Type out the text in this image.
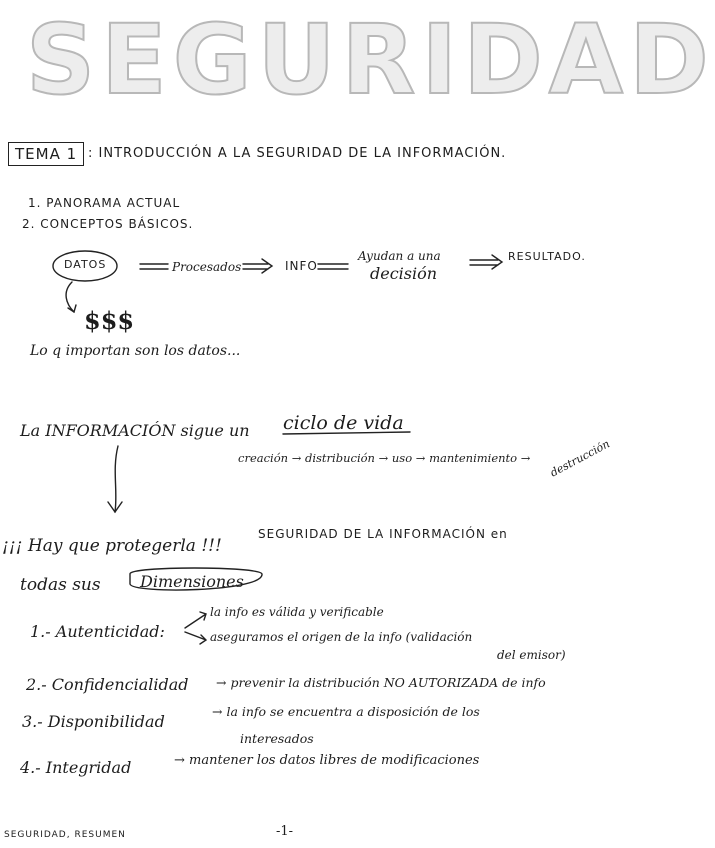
SEGURIDAD
TEMA 1 : INTRODUCCIÓN A LA SEGURIDAD DE LA INFORMACIÓN.
1. PANORAMA ACTUAL
2. CONCEPTOS BÁSICOS.
DATOS	Procesados	INFO
Ayudan a una
decisión
RESULTADO.
$$$
Lo q importan son los datos...
La INFORMACIÓN sigue un ciclo de vida
creación → distribución → uso → mantenimiento → destrucción
¡¡¡ Hay que protegerla !!!
SEGURIDAD DE LA INFORMACIÓN en
todas sus Dimensiones
1.- Autenticidad:
la info es válida y verificable
aseguramos el origen de la info (validación
del emisor)
2.- Confidencialidad → prevenir la distribución NO AUTORIZADA de info
3.- Disponibilidad
→ la info se encuentra a disposición de los
interesados
4.- Integridad	→ mantener los datos libres de modificaciones
SEGURIDAD, RESUMEN	-1-
